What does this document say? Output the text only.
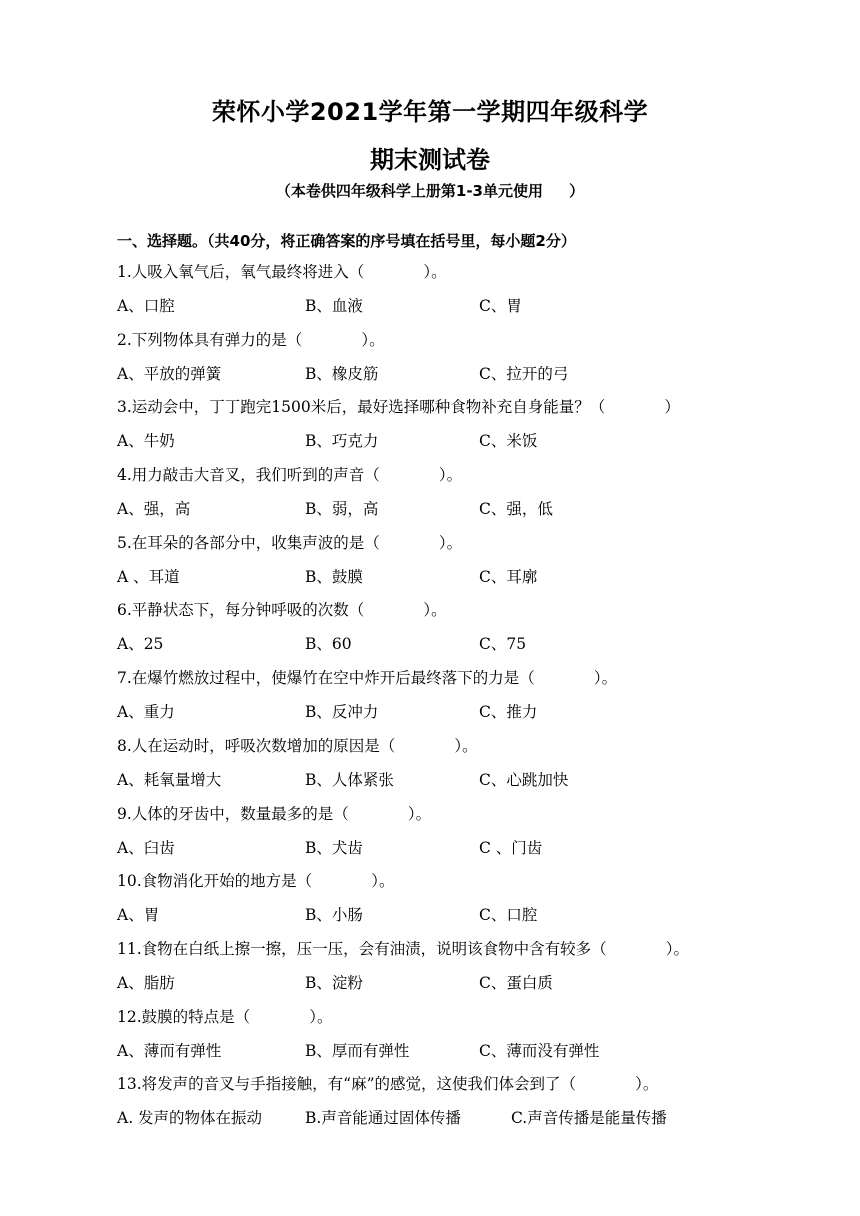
荣怀小学2021学年第一学期四年级科学
期末测试卷
（本卷供四年级科学上册第1-3单元使用     ）
一、选择题。（共40分，将正确答案的序号填在括号里，每小题2分）
1.人吸入氧气后，氧气最终将进入（            ）。
A、口腔	B、血液	C、胃
2.下列物体具有弹力的是（            ）。
A、平放的弹簧	B、橡皮筋	C、拉开的弓
3.运动会中，丁丁跑完1500米后，最好选择哪种食物补充自身能量？（            ）
A、牛奶	B、巧克力	C、米饭
4.用力敲击大音叉，我们听到的声音（            ）。
A、强，高	B、弱，高	C、强，低
5.在耳朵的各部分中，收集声波的是（            ）。
A 、耳道	B、鼓膜	C、耳廓
6.平静状态下，每分钟呼吸的次数（            ）。
A、25	B、60	C、75
7.在爆竹燃放过程中，使爆竹在空中炸开后最终落下的力是（            ）。
A、重力	B、反冲力	C、推力
8.人在运动时，呼吸次数增加的原因是（            ）。
A、耗氧量增大	B、人体紧张	C、心跳加快
9.人体的牙齿中，数量最多的是（            ）。
A、臼齿	B、犬齿	C 、门齿
10.食物消化开始的地方是（            ）。
A、胃	B、小肠	C、口腔
11.食物在白纸上擦一擦，压一压，会有油渍，说明该食物中含有较多（            ）。
A、脂肪	B、淀粉	C、蛋白质
12.鼓膜的特点是（            ）。
A、薄而有弹性	B、厚而有弹性	C、薄而没有弹性
13.将发声的音叉与手指接触，有“麻”的感觉，这使我们体会到了（            ）。
A. 发声的物体在振动	B.声音能通过固体传播	C.声音传播是能量传播
